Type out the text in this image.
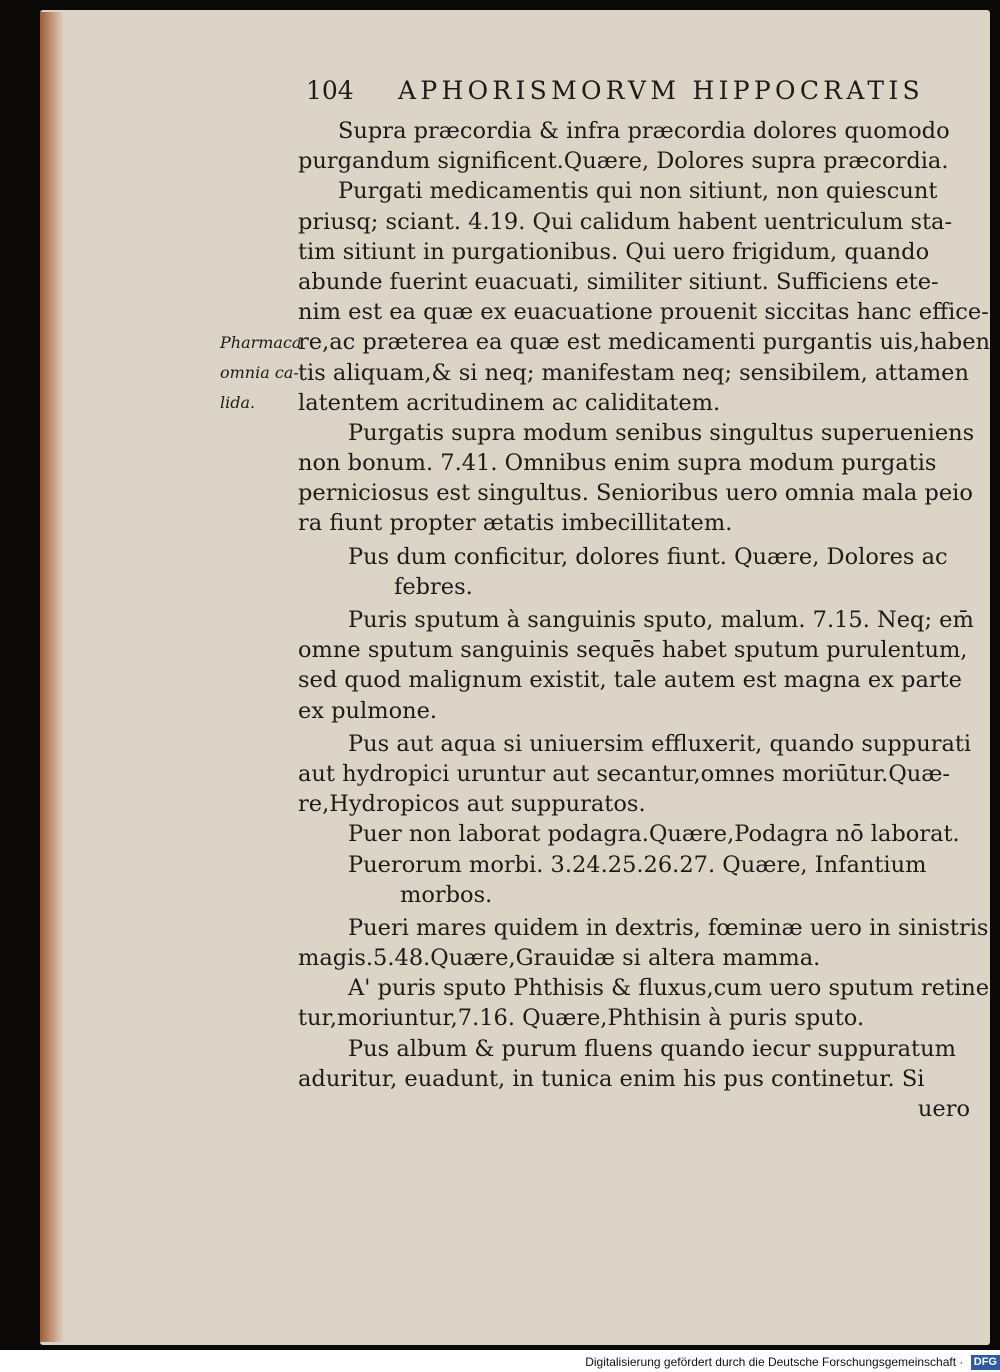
104 APHORISMORVM HIPPOCRATIS
Pharmaca
omnia ca-
lida.
Supra præcordia & infra præcordia dolores quomodo
purgandum significent.Quære, Dolores supra præcordia.
Purgati medicamentis qui non sitiunt, non quiescunt
priusq; sciant. 4.19. Qui calidum habent uentriculum sta-
tim sitiunt in purgationibus. Qui uero frigidum, quando
abunde fuerint euacuati, similiter sitiunt. Sufficiens ete-
nim est ea quæ ex euacuatione prouenit siccitas hanc effice-
re,ac præterea ea quæ est medicamenti purgantis uis,haben
tis aliquam,& si neq; manifestam neq; sensibilem, attamen
latentem acritudinem ac caliditatem.
Purgatis supra modum senibus singultus superueniens
non bonum. 7.41. Omnibus enim supra modum purgatis
perniciosus est singultus. Senioribus uero omnia mala peio
ra fiunt propter ætatis imbecillitatem.
Pus dum conficitur, dolores fiunt. Quære, Dolores ac
febres.
Puris sputum à sanguinis sputo, malum. 7.15. Neq; em̄
omne sputum sanguinis sequēs habet sputum purulentum,
sed quod malignum existit, tale autem est magna ex parte
ex pulmone.
Pus aut aqua si uniuersim effluxerit, quando suppurati
aut hydropici uruntur aut secantur,omnes moriūtur.Quæ-
re,Hydropicos aut suppuratos.
Puer non laborat podagra.Quære,Podagra nō laborat.
Puerorum morbi. 3.24.25.26.27. Quære, Infantium
morbos.
Pueri mares quidem in dextris, fœminæ uero in sinistris
magis.5.48.Quære,Grauidæ si altera mamma.
A' puris sputo Phthisis & fluxus,cum uero sputum retine
tur,moriuntur,7.16. Quære,Phthisin à puris sputo.
Pus album & purum fluens quando iecur suppuratum
aduritur, euadunt, in tunica enim his pus continetur. Si
uero
Digitalisierung gefördert durch die Deutsche Forschungsgemeinschaft · DFG
